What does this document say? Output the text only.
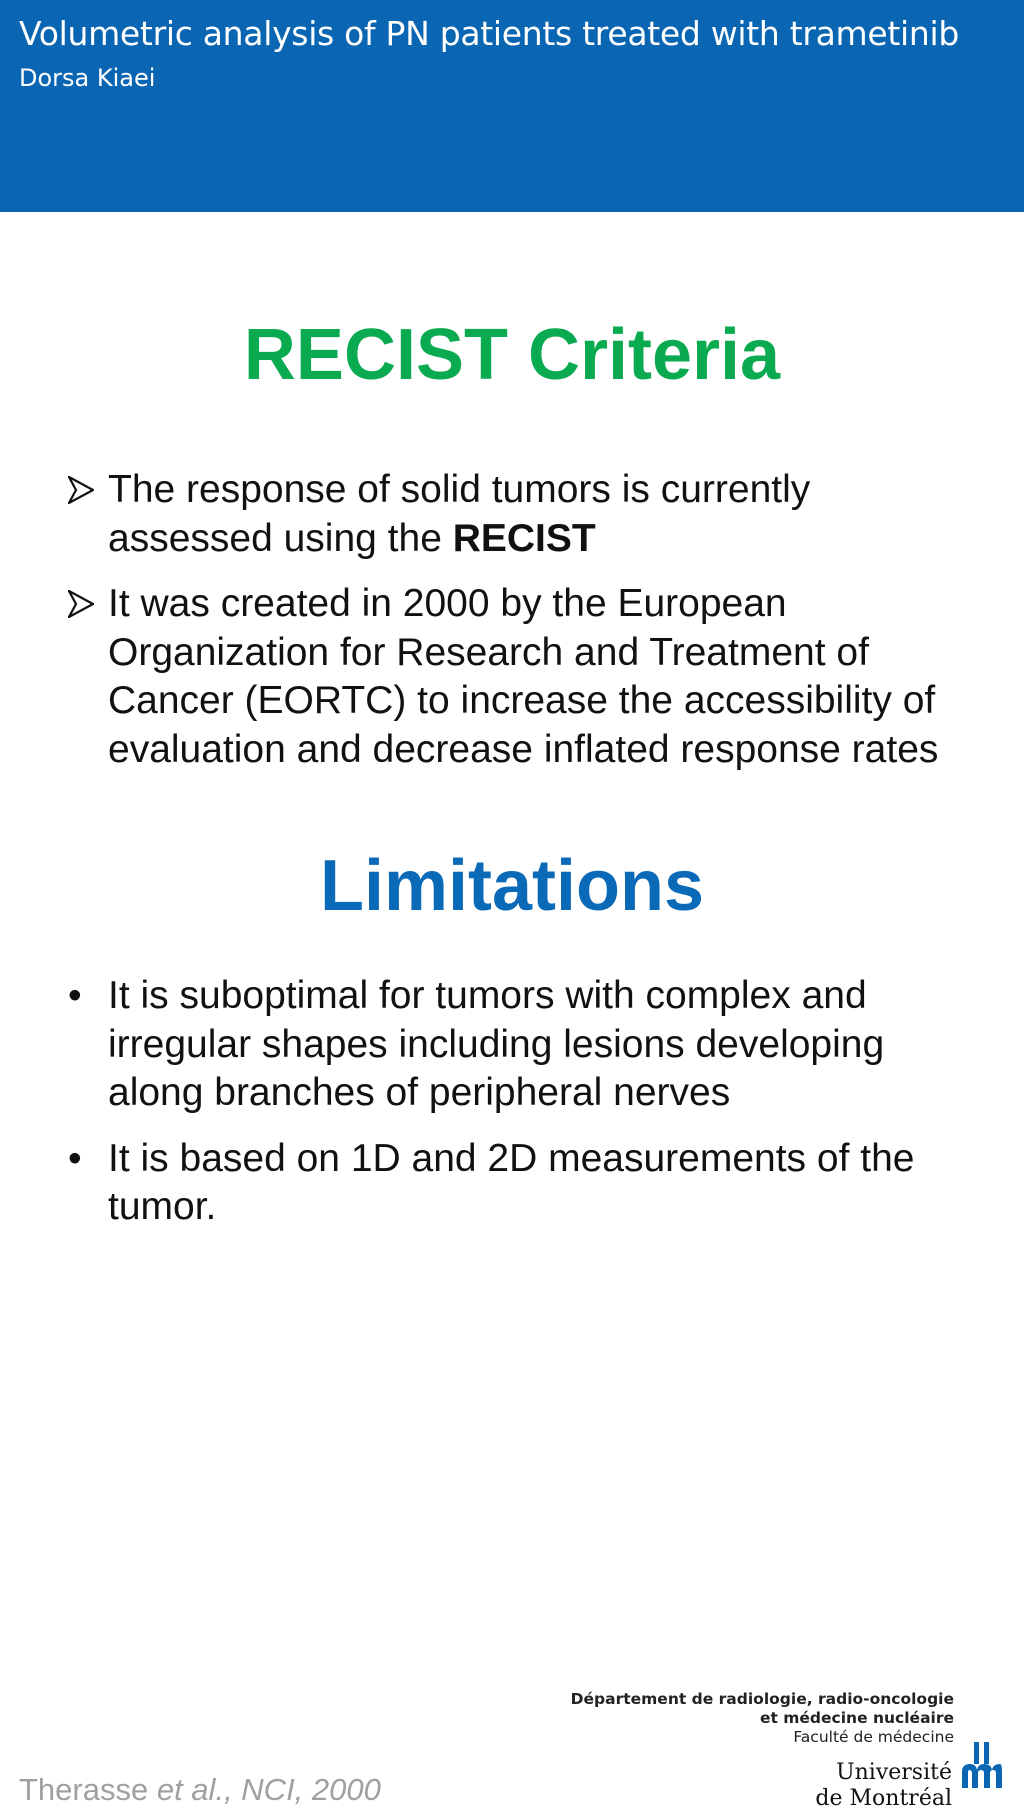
Volumetric analysis of PN patients treated with trametinib
Dorsa Kiaei
RECIST Criteria
The response of solid tumors is currently assessed using the RECIST
It was created in 2000 by the European Organization for Research and Treatment of Cancer (EORTC) to increase the accessibility of evaluation and decrease inflated response rates
Limitations
• It is suboptimal for tumors with complex and irregular shapes including lesions developing along branches of peripheral nerves
• It is based on 1D and 2D measurements of the tumor.
Therasse et al., NCI, 2000
Département de radiologie, radio-oncologie
et médecine nucléaire
Faculté de médecine
Université
de Montréal
